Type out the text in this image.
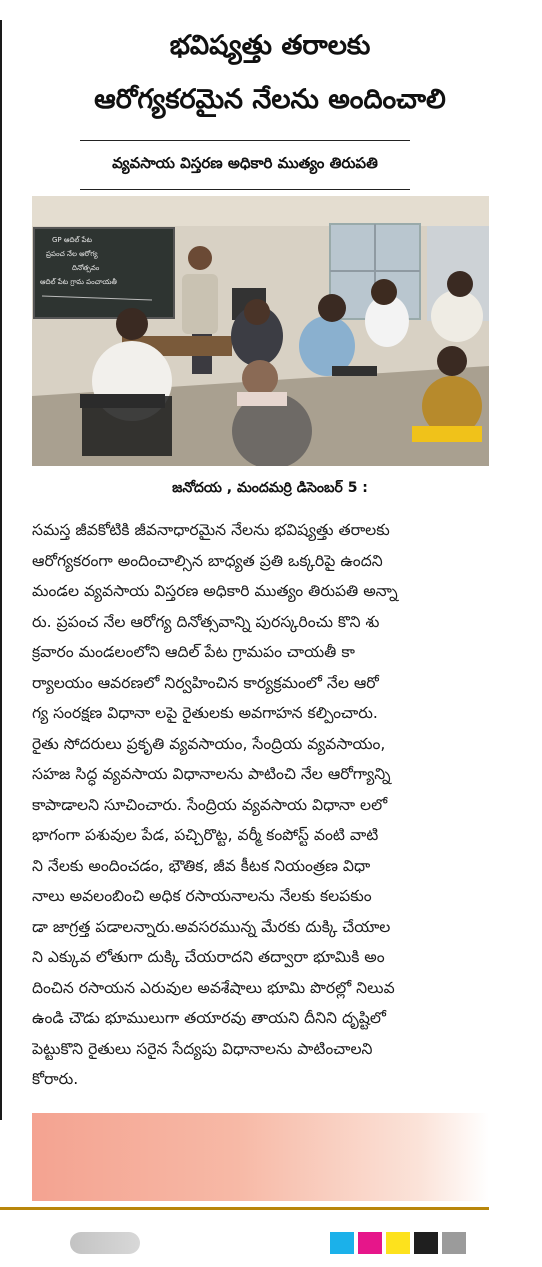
భవిష్యత్తు తరాలకు
ఆరోగ్యకరమైన నేలను అందించాలి
వ్యవసాయ విస్తరణ అధికారి ముత్యం తిరుపతి
GP ఆదిల్ పేట
ప్రపంచ నేల ఆరోగ్య
దినోత్సవం
ఆదిల్ పేట గ్రామ పంచాయతీ
జనోదయ , మందమర్రి డిసెంబర్ 5 :
సమస్త జీవకోటికి జీవనాధారమైన నేలను భవిష్యత్తు తరాలకు
ఆరోగ్యకరంగా అందించాల్సిన బాధ్యత ప్రతి ఒక్కరిపై ఉందని
మండల వ్యవసాయ విస్తరణ అధికారి ముత్యం తిరుపతి అన్నా
రు. ప్రపంచ నేల ఆరోగ్య దినోత్సవాన్ని పురస్కరించు కొని శు
క్రవారం మండలంలోని ఆదిల్ పేట గ్రామపం చాయతీ కా
ర్యాలయం ఆవరణలో నిర్వహించిన కార్యక్రమంలో నేల ఆరో
గ్య సంరక్షణ విధానా లపై రైతులకు అవగాహన కల్పించారు.
రైతు సోదరులు ప్రకృతి వ్యవసాయం, సేంద్రియ వ్యవసాయం,
సహజ సిద్ధ వ్యవసాయ విధానాలను పాటించి నేల ఆరోగ్యాన్ని
కాపాడాలని సూచించారు. సేంద్రియ వ్యవసాయ విధానా లలో
భాగంగా పశువుల పేడ, పచ్చిరొట్ట, వర్మీ కంపోస్ట్ వంటి వాటి
ని నేలకు అందించడం, భౌతిక, జీవ కీటక నియంత్రణ విధా
నాలు అవలంబించి అధిక రసాయనాలను నేలకు కలపకుం
డా జాగ్రత్త పడాలన్నారు.అవసరమున్న మేరకు దుక్కి చేయాల
ని ఎక్కువ లోతుగా దుక్కి చేయరాదని తద్వారా భూమికి అం
దించిన రసాయన ఎరువుల అవశేషాలు భూమి పొరల్లో నిలువ
ఉండి చౌడు భూములుగా తయారవు తాయని దీనిని దృష్టిలో
పెట్టుకొని రైతులు సరైన సేద్యపు విధానాలను పాటించాలని
కోరారు.
